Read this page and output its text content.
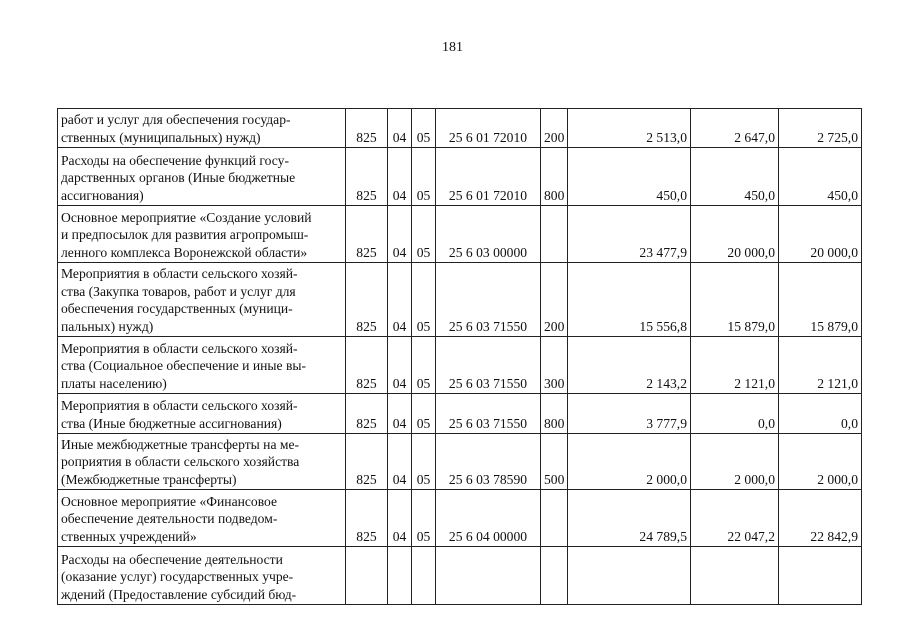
181
работ и услуг для обеспечения государ-
ственных (муниципальных) нужд)	825	04	05	25 6 01 72010	200	2 513,0	2 647,0	2 725,0
Расходы на обеспечение функций госу-
дарственных органов (Иные бюджетные
ассигнования)	825	04	05	25 6 01 72010	800	450,0	450,0	450,0
Основное мероприятие «Создание условий
и предпосылок для развития агропромыш-
ленного комплекса Воронежской области»	825	04	05	25 6 03 00000		23 477,9	20 000,0	20 000,0
Мероприятия в области сельского хозяй-
ства (Закупка товаров, работ и услуг для
обеспечения государственных (муници-
пальных) нужд)	825	04	05	25 6 03 71550	200	15 556,8	15 879,0	15 879,0
Мероприятия в области сельского хозяй-
ства (Социальное обеспечение и иные вы-
платы населению)	825	04	05	25 6 03 71550	300	2 143,2	2 121,0	2 121,0
Мероприятия в области сельского хозяй-
ства (Иные бюджетные ассигнования)	825	04	05	25 6 03 71550	800	3 777,9	0,0	0,0
Иные межбюджетные трансферты на ме-
роприятия в области сельского хозяйства
(Межбюджетные трансферты)	825	04	05	25 6 03 78590	500	2 000,0	2 000,0	2 000,0
Основное мероприятие «Финансовое
обеспечение деятельности подведом-
ственных учреждений»	825	04	05	25 6 04 00000		24 789,5	22 047,2	22 842,9
Расходы на обеспечение деятельности
(оказание услуг) государственных учре-
ждений (Предоставление субсидий бюд-								
